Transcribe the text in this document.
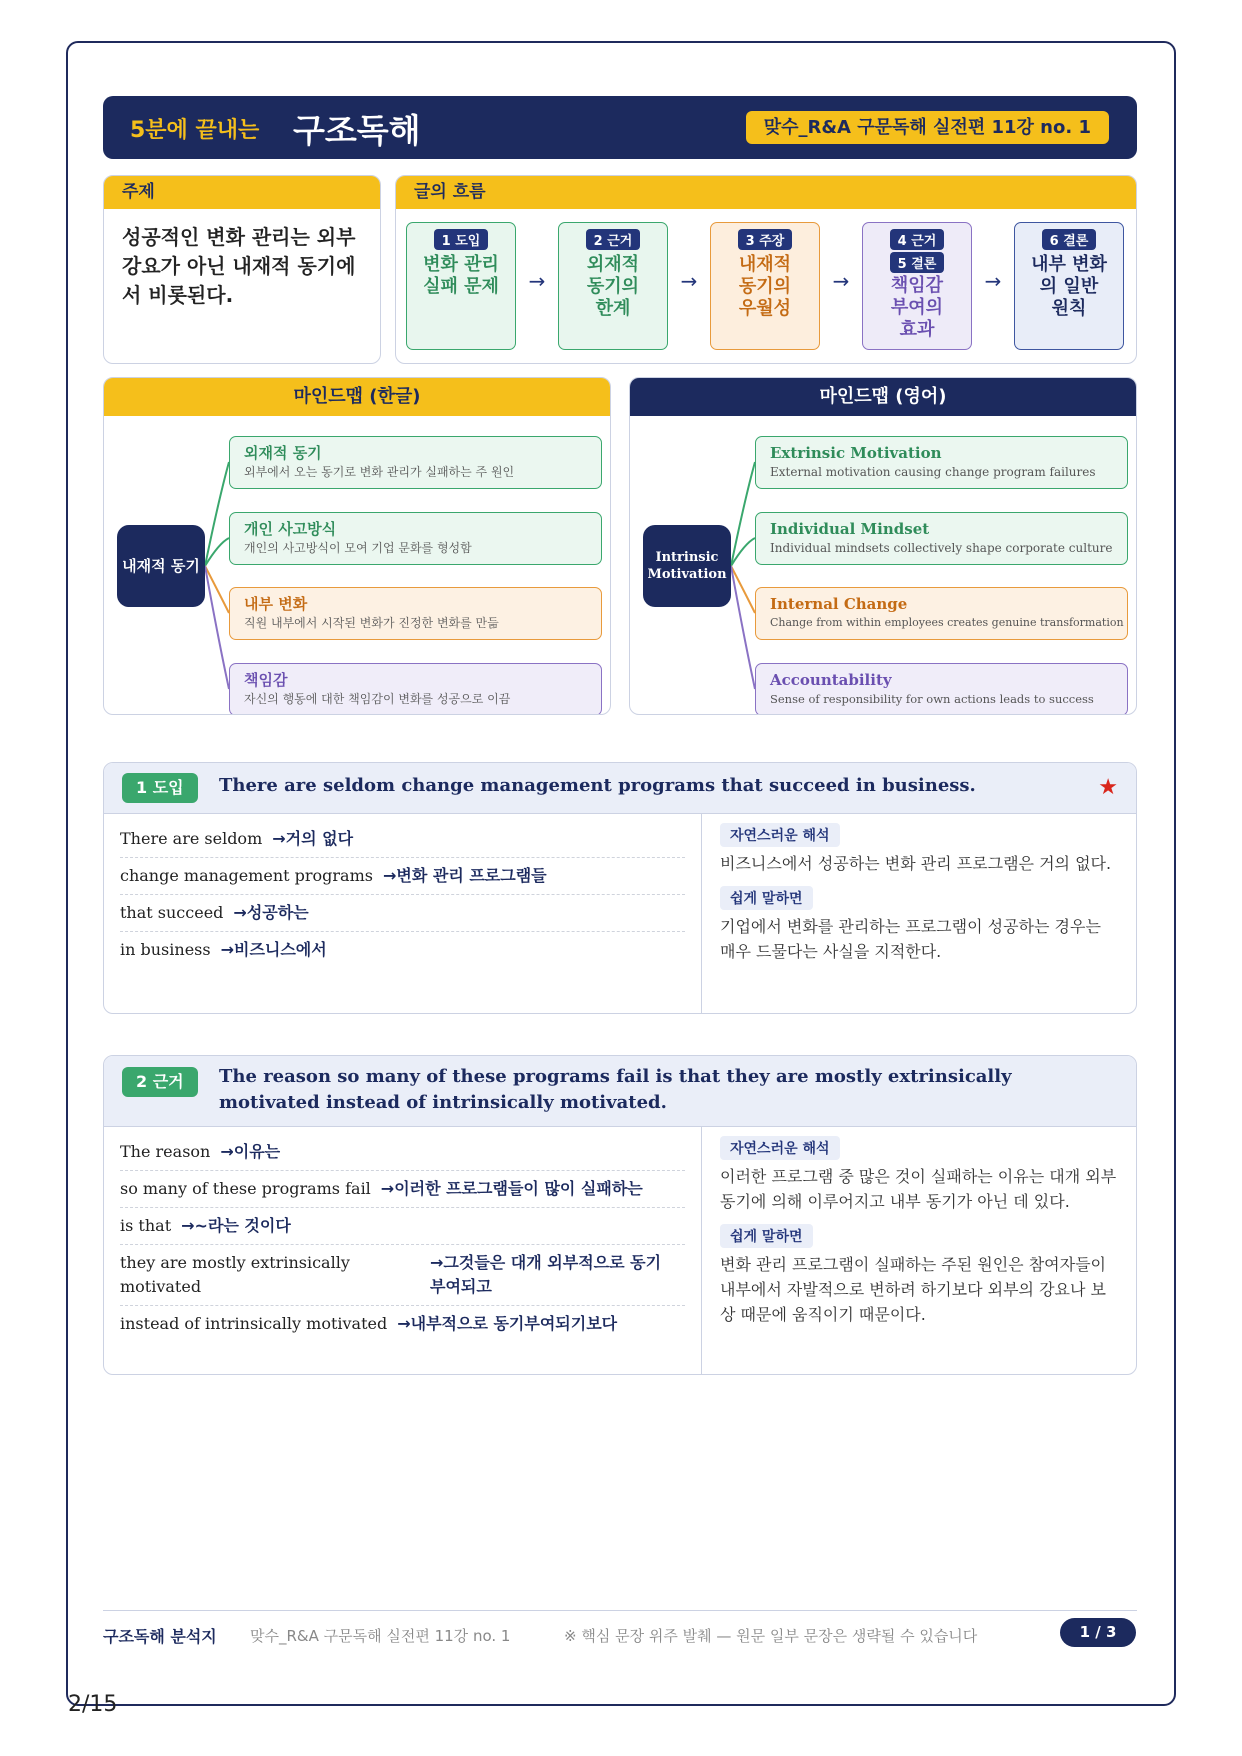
5분에 끝내는 구조독해	맞수_R&A 구문독해 실전편 11강 no. 1
주제
성공적인 변화 관리는 외부 강요가 아닌 내재적 동기에서 비롯된다.
글의 흐름
1 도입
변화 관리 실패 문제	→
2 근거
외재적 동기의 한계
→
3 주장
내재적 동기의 우월성
→
4 근거
5 결론
책임감 부여의 효과
→
6 결론
내부 변화의 일반 원칙
마인드맵 (한글)
내재적 동기
외재적 동기
외부에서 오는 동기로 변화 관리가 실패하는 주 원인
개인 사고방식
개인의 사고방식이 모여 기업 문화를 형성함
내부 변화
직원 내부에서 시작된 변화가 진정한 변화를 만듦
책임감
자신의 행동에 대한 책임감이 변화를 성공으로 이끔
마인드맵 (영어)
Intrinsic Motivation
Extrinsic Motivation
External motivation causing change program failures
Individual Mindset
Individual mindsets collectively shape corporate culture
Internal Change
Change from within employees creates genuine transformation
Accountability
Sense of responsibility for own actions leads to success
1 도입	There are seldom change management programs that succeed in business.	★
There are seldom →거의 없다
change management programs →변화 관리 프로그램들
that succeed →성공하는
in business →비즈니스에서
자연스러운 해석
비즈니스에서 성공하는 변화 관리 프로그램은 거의 없다.
쉽게 말하면
기업에서 변화를 관리하는 프로그램이 성공하는 경우는 매우 드물다는 사실을 지적한다.
2 근거	The reason so many of these programs fail is that they are mostly extrinsically motivated instead of intrinsically motivated.
The reason →이유는
so many of these programs fail →이러한 프로그램들이 많이 실패하는
is that →~라는 것이다
they are mostly extrinsically motivated
→그것들은 대개 외부적으로 동기부여되고
instead of intrinsically motivated →내부적으로 동기부여되기보다
자연스러운 해석
이러한 프로그램 중 많은 것이 실패하는 이유는 대개 외부 동기에 의해 이루어지고 내부 동기가 아닌 데 있다.
쉽게 말하면
변화 관리 프로그램이 실패하는 주된 원인은 참여자들이 내부에서 자발적으로 변하려 하기보다 외부의 강요나 보상 때문에 움직이기 때문이다.
구조독해 분석지 맞수_R&A 구문독해 실전편 11강 no. 1	※ 핵심 문장 위주 발췌 — 원문 일부 문장은 생략될 수 있습니다	1 / 3
2/15
